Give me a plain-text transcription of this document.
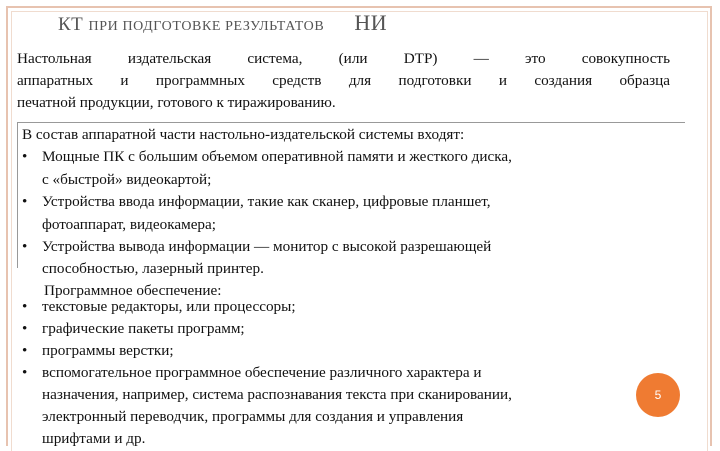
КТ ПРИ ПОДГОТОВКЕ РЕЗУЛЬТАТОВ НИ
Настольная издательская система, (или DTP) — это совокупность
аппаратных и программных средств для подготовки и создания образца
печатной продукции, готового к тиражированию.
В состав аппаратной части настольно-издательской системы входят:
• Мощные ПК с большим объемом оперативной памяти и жесткого диска,
с «быстрой» видеокартой;
• Устройства ввода информации, такие как сканер, цифровые планшет,
фотоаппарат, видеокамера;
• Устройства вывода информации — монитор с высокой разрешающей
способностью, лазерный принтер.
Программное обеспечение:
5
• текстовые редакторы, или процессоры;
• графические пакеты программ;
• программы верстки;
• вспомогательное программное обеспечение различного характера и
назначения, например, система распознавания текста при сканировании,
электронный переводчик, программы для создания и управления
шрифтами и др.
